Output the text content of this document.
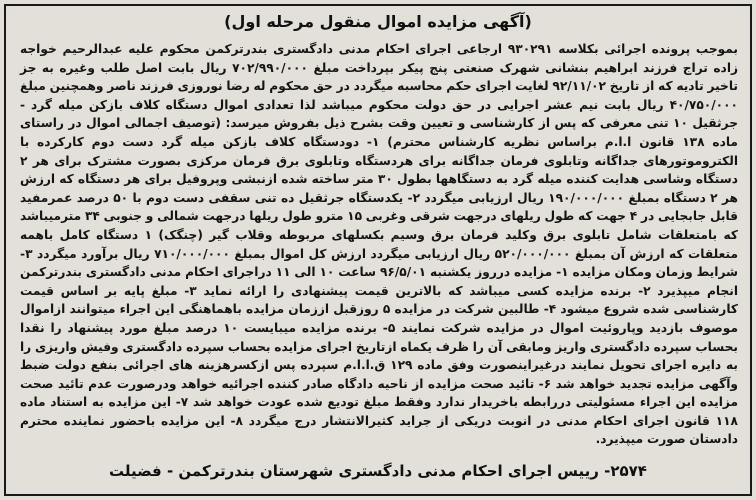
(آگهی مزایده اموال منقول مرحله اول)

بموجب پرونده اجرائی بکلاسه ۹۳۰۲۹۱ ارجاعی اجرای احکام مدنی دادگستری بندرترکمن محکوم علیه عبدالرحیم خواجه زاده تراج فرزند ابراهیم بنشانی شهرک صنعتی پنج پیکر بپرداخت مبلغ ۷۰۲/۹۹۰/۰۰۰ ریال بابت اصل طلب وغیره به جز تاخیر تادیه که از تاریخ ۹۲/۱۱/۰۲ لغایت اجرای حکم محاسبه میگردد در حق محکوم له رضا نوروزی فرزند ناصر وهمچنین مبلغ ۴۰/۷۵۰/۰۰۰ ریال بابت نیم عشر اجرایی در حق دولت محکوم میباشد لذا تعدادی اموال دستگاه کلاف بازکن میله گرد - جرثقیل ۱۰ تنی معرفی که پس از کارشناسی و تعیین وقت بشرح ذیل بفروش میرسد: (توصیف اجمالی اموال در راستای ماده ۱۳۸ قانون ا.ا.م براساس نظریه کارشناس محترم) ۱- دودستگاه کلاف بازکن میله گرد دست دوم کارکرده با الکتروموتورهای جداگانه وتابلوی فرمان جداگانه برای هردستگاه وتابلوی برق فرمان مرکزی بصورت مشترک برای هر ۲ دستگاه وشاسی هدایت کننده میله گرد به دستگاهها بطول ۳۰ متر ساخته شده ازنبشی وپروفیل برای هر دستگاه که ارزش هر ۲ دستگاه بمبلغ ۱۹۰/۰۰۰/۰۰۰ ریال ارزیابی میگردد ۲- یکدستگاه جرثقیل ده تنی سقفی دست دوم با ۵۰ درصد عمرمفید قابل جابجایی در ۴ جهت که طول ریلهای درجهت شرقی وغربی ۱۵ مترو طول ریلها درجهت شمالی و جنوبی ۳۴ مترمیباشد که بامتعلقات شامل تابلوی برق وکلید فرمان برق وسیم بکسلهای مربوطه وقلاب گیر (چنگک) ۱ دستگاه کامل باهمه متعلقات که ارزش آن بمبلغ ۵۲۰/۰۰۰/۰۰۰ ریال ارزیابی میگردد ارزش کل اموال بمبلغ ۷۱۰/۰۰۰/۰۰۰ ریال برآورد میگردد ۳- شرایط وزمان ومکان مزایده ۱- مزایده درروز یکشنبه ۹۶/۵/۰۱ ساعت ۱۰ الی ۱۱ دراجرای احکام مدنی دادگستری بندرترکمن انجام میپذیرد ۲- برنده مزایده کسی میباشد که بالاترین قیمت پیشنهادی را ارائه نماید ۳- مبلغ پایه بر اساس قیمت کارشناسی شده شروع میشود ۴- طالبین شرکت در مزایده ۵ روزقبل اززمان مزایده باهماهنگی این اجراء میتوانند ازاموال موصوف بازدید وپاروئیت اموال در مزایده شرکت نمایند ۵- برنده مزایده میبایست ۱۰ درصد مبلغ مورد پیشنهاد را نقدا بحساب سپرده دادگستری واریز ومابقی آن را ظرف یکماه ازتاریخ اجرای مزایده بحساب سپرده دادگستری وفیش واریزی را به دایره اجرای تحویل نمایند درغیراینصورت وفق ماده ۱۲۹ ق.ا.ا.م سپرده پس ازکسرهزینه های اجرائی بنفع دولت ضبط وآگهی مزایده تجدید خواهد شد ۶- تائید صحت مزایده از ناحیه دادگاه صادر کننده اجرائیه خواهد ودرصورت عدم تائید صحت مزایده این اجراء مسئولیتی دررابطه باخریدار ندارد وفقط مبلغ تودیع شده عودت خواهد شد ۷- این مزایده به استناد ماده ۱۱۸ قانون اجرای احکام مدنی در انوبت دریکی از جراید کثیرالانتشار درج میگردد ۸- این مزایده باحضور نماینده محترم دادستان صورت میپذیرد.

۲۵۷۴- رییس اجرای احکام مدنی دادگستری شهرستان بندرترکمن - فضیلت
